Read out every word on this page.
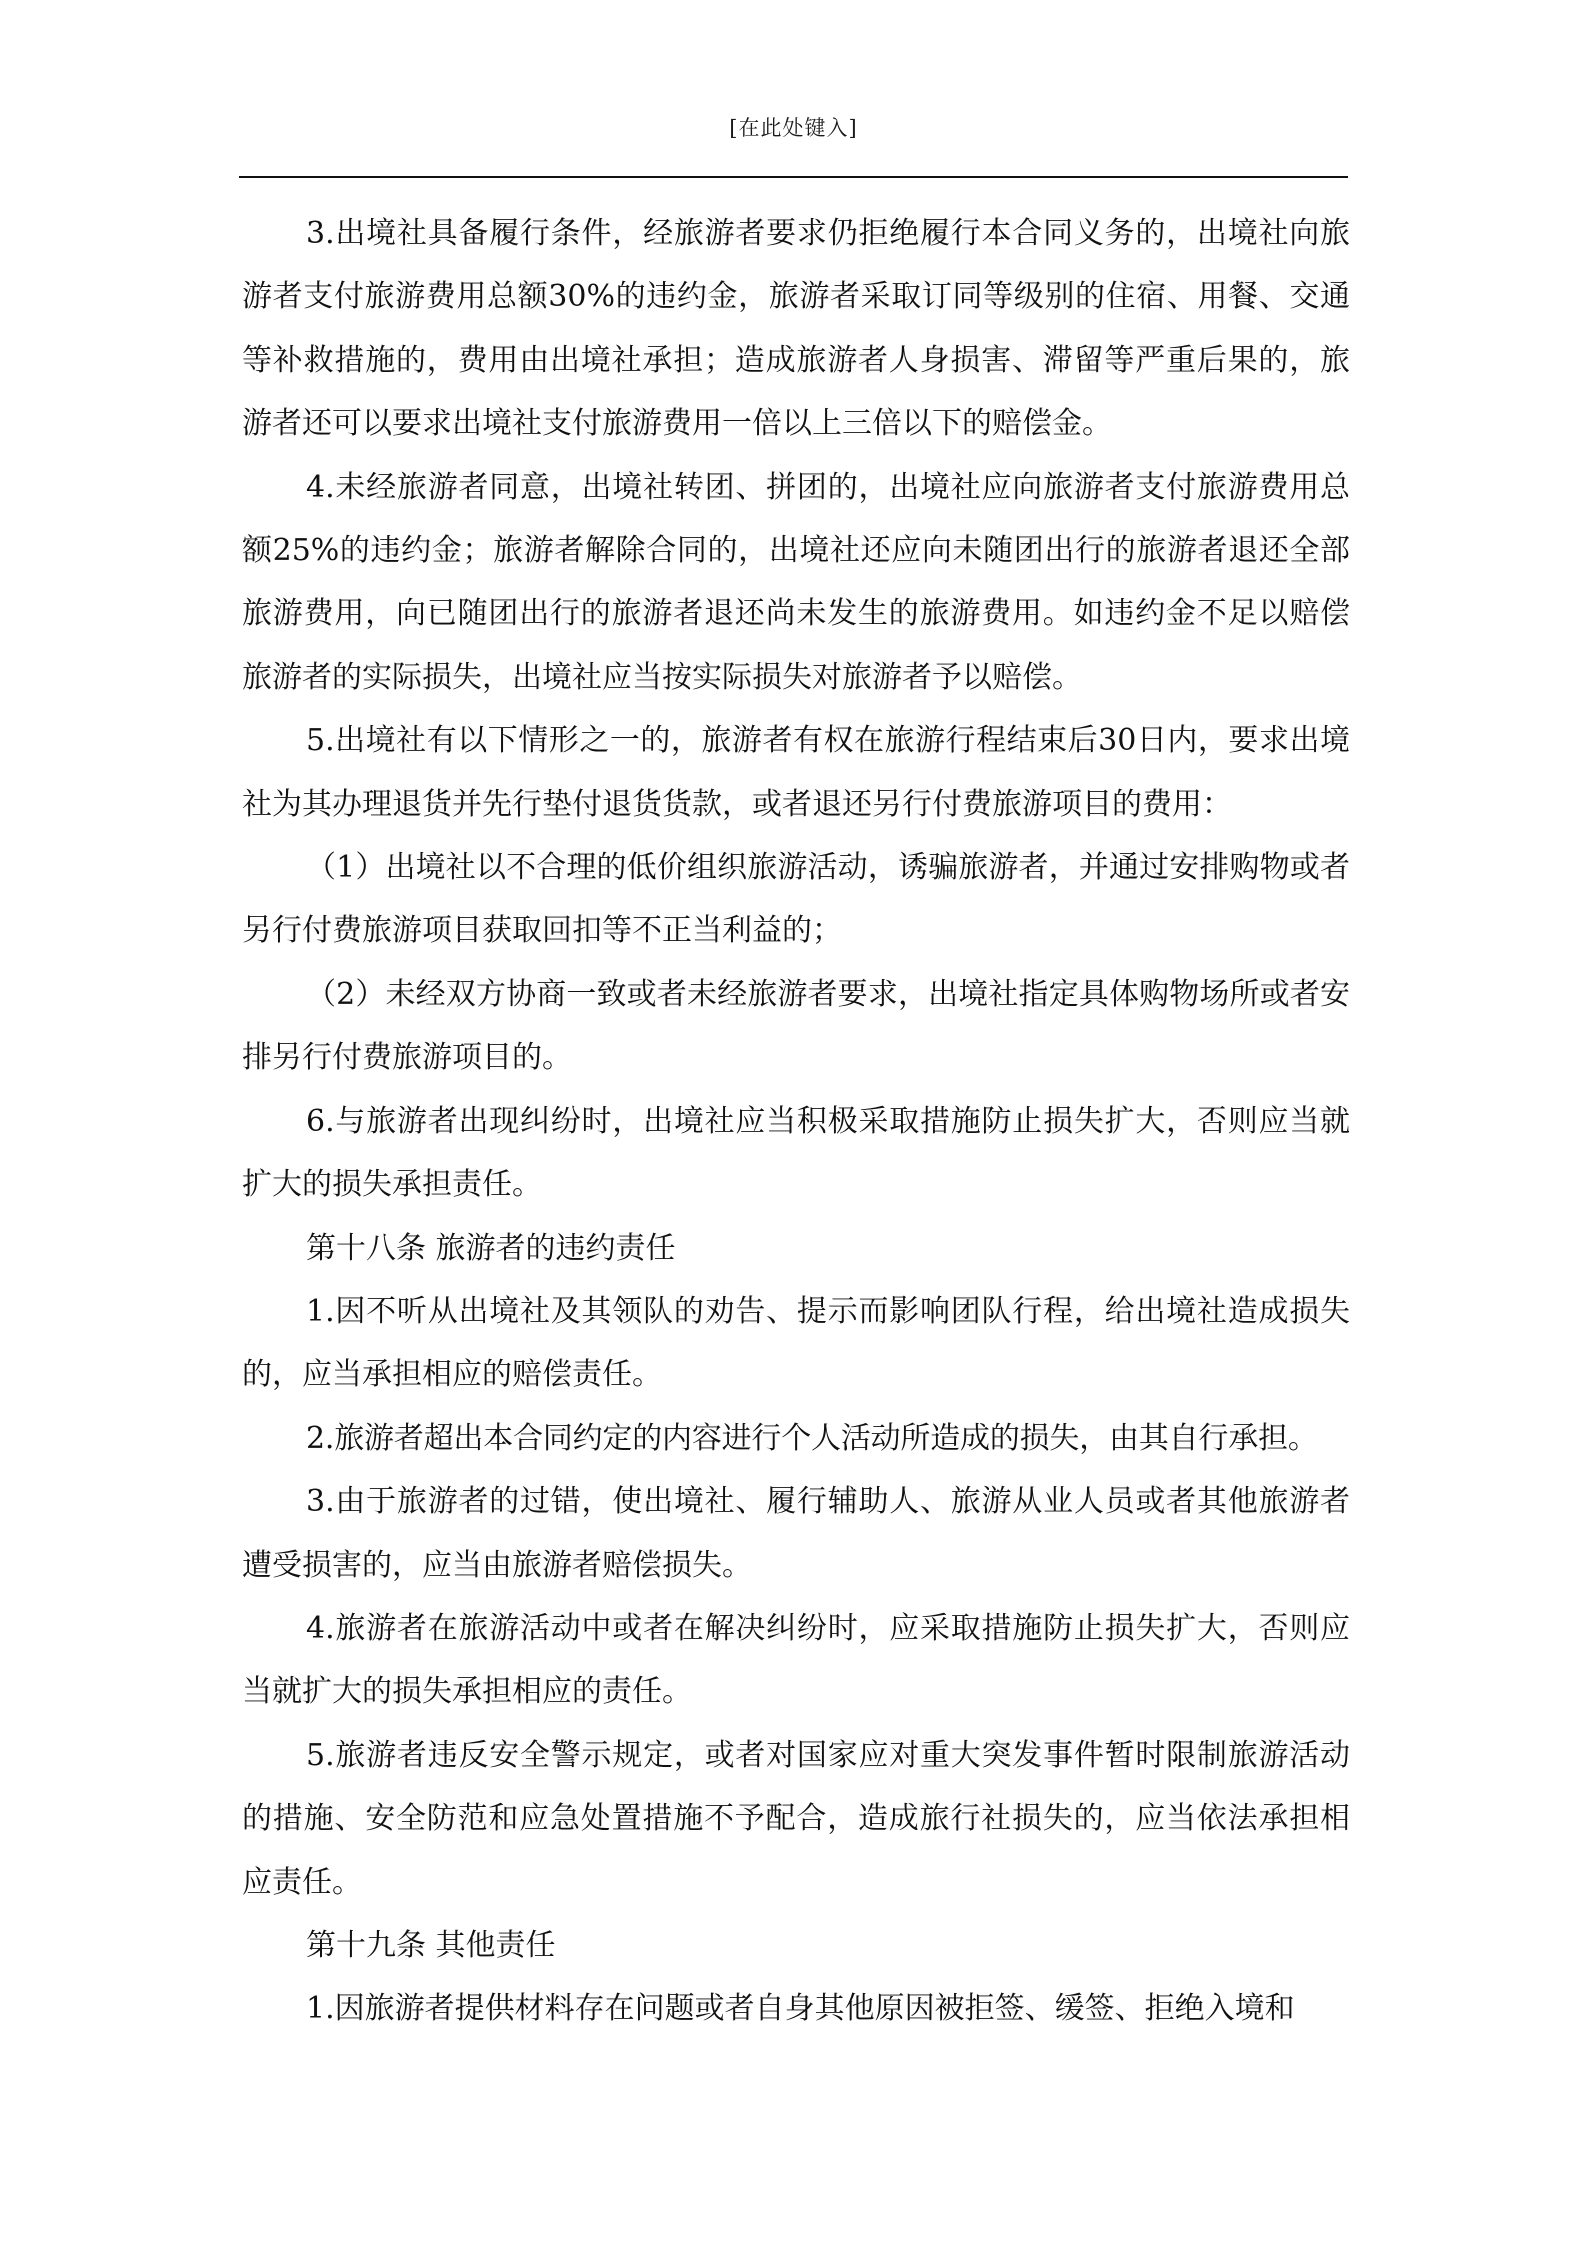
[在此处键入]

3.出境社具备履行条件，经旅游者要求仍拒绝履行本合同义务的，出境社向旅游者支付旅游费用总额30%的违约金，旅游者采取订同等级别的住宿、用餐、交通等补救措施的，费用由出境社承担；造成旅游者人身损害、滞留等严重后果的，旅游者还可以要求出境社支付旅游费用一倍以上三倍以下的赔偿金。

4.未经旅游者同意，出境社转团、拼团的，出境社应向旅游者支付旅游费用总额25%的违约金；旅游者解除合同的，出境社还应向未随团出行的旅游者退还全部旅游费用，向已随团出行的旅游者退还尚未发生的旅游费用。如违约金不足以赔偿旅游者的实际损失，出境社应当按实际损失对旅游者予以赔偿。

5.出境社有以下情形之一的，旅游者有权在旅游行程结束后30日内，要求出境社为其办理退货并先行垫付退货货款，或者退还另行付费旅游项目的费用：

（1）出境社以不合理的低价组织旅游活动，诱骗旅游者，并通过安排购物或者另行付费旅游项目获取回扣等不正当利益的；

（2）未经双方协商一致或者未经旅游者要求，出境社指定具体购物场所或者安排另行付费旅游项目的。

6.与旅游者出现纠纷时，出境社应当积极采取措施防止损失扩大，否则应当就扩大的损失承担责任。

第十八条 旅游者的违约责任

1.因不听从出境社及其领队的劝告、提示而影响团队行程，给出境社造成损失的，应当承担相应的赔偿责任。

2.旅游者超出本合同约定的内容进行个人活动所造成的损失，由其自行承担。

3.由于旅游者的过错，使出境社、履行辅助人、旅游从业人员或者其他旅游者遭受损害的，应当由旅游者赔偿损失。

4.旅游者在旅游活动中或者在解决纠纷时，应采取措施防止损失扩大，否则应当就扩大的损失承担相应的责任。

5.旅游者违反安全警示规定，或者对国家应对重大突发事件暂时限制旅游活动的措施、安全防范和应急处置措施不予配合，造成旅行社损失的，应当依法承担相应责任。

第十九条 其他责任

1.因旅游者提供材料存在问题或者自身其他原因被拒签、缓签、拒绝入境和
